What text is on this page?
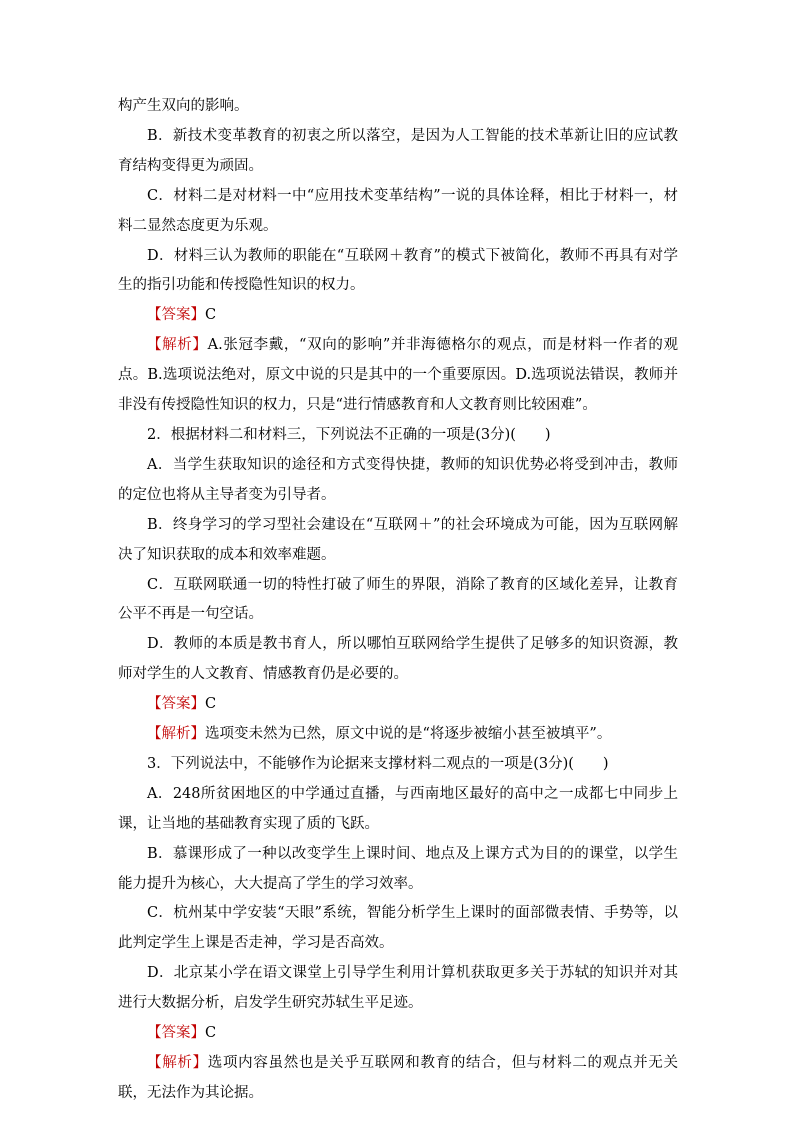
构产生双向的影响。

B．新技术变革教育的初衷之所以落空，是因为人工智能的技术革新让旧的应试教育结构变得更为顽固。

C．材料二是对材料一中“应用技术变革结构”一说的具体诠释，相比于材料一，材料二显然态度更为乐观。

D．材料三认为教师的职能在“互联网＋教育”的模式下被简化，教师不再具有对学生的指引功能和传授隐性知识的权力。

【答案】C

【解析】A.张冠李戴，“双向的影响”并非海德格尔的观点，而是材料一作者的观点。B.选项说法绝对，原文中说的只是其中的一个重要原因。D.选项说法错误，教师并非没有传授隐性知识的权力，只是“进行情感教育和人文教育则比较困难”。

2．根据材料二和材料三，下列说法不正确的一项是(3分)(　　)

A．当学生获取知识的途径和方式变得快捷，教师的知识优势必将受到冲击，教师的定位也将从主导者变为引导者。

B．终身学习的学习型社会建设在“互联网＋”的社会环境成为可能，因为互联网解决了知识获取的成本和效率难题。

C．互联网联通一切的特性打破了师生的界限，消除了教育的区域化差异，让教育公平不再是一句空话。

D．教师的本质是教书育人，所以哪怕互联网给学生提供了足够多的知识资源，教师对学生的人文教育、情感教育仍是必要的。

【答案】C

【解析】选项变未然为已然，原文中说的是“将逐步被缩小甚至被填平”。

3．下列说法中，不能够作为论据来支撑材料二观点的一项是(3分)(　　)

A．248所贫困地区的中学通过直播，与西南地区最好的高中之一成都七中同步上课，让当地的基础教育实现了质的飞跃。

B．慕课形成了一种以改变学生上课时间、地点及上课方式为目的的课堂，以学生能力提升为核心，大大提高了学生的学习效率。

C．杭州某中学安装“天眼”系统，智能分析学生上课时的面部微表情、手势等，以此判定学生上课是否走神，学习是否高效。

D．北京某小学在语文课堂上引导学生利用计算机获取更多关于苏轼的知识并对其进行大数据分析，启发学生研究苏轼生平足迹。

【答案】C

【解析】选项内容虽然也是关乎互联网和教育的结合，但与材料二的观点并无关联，无法作为其论据。
